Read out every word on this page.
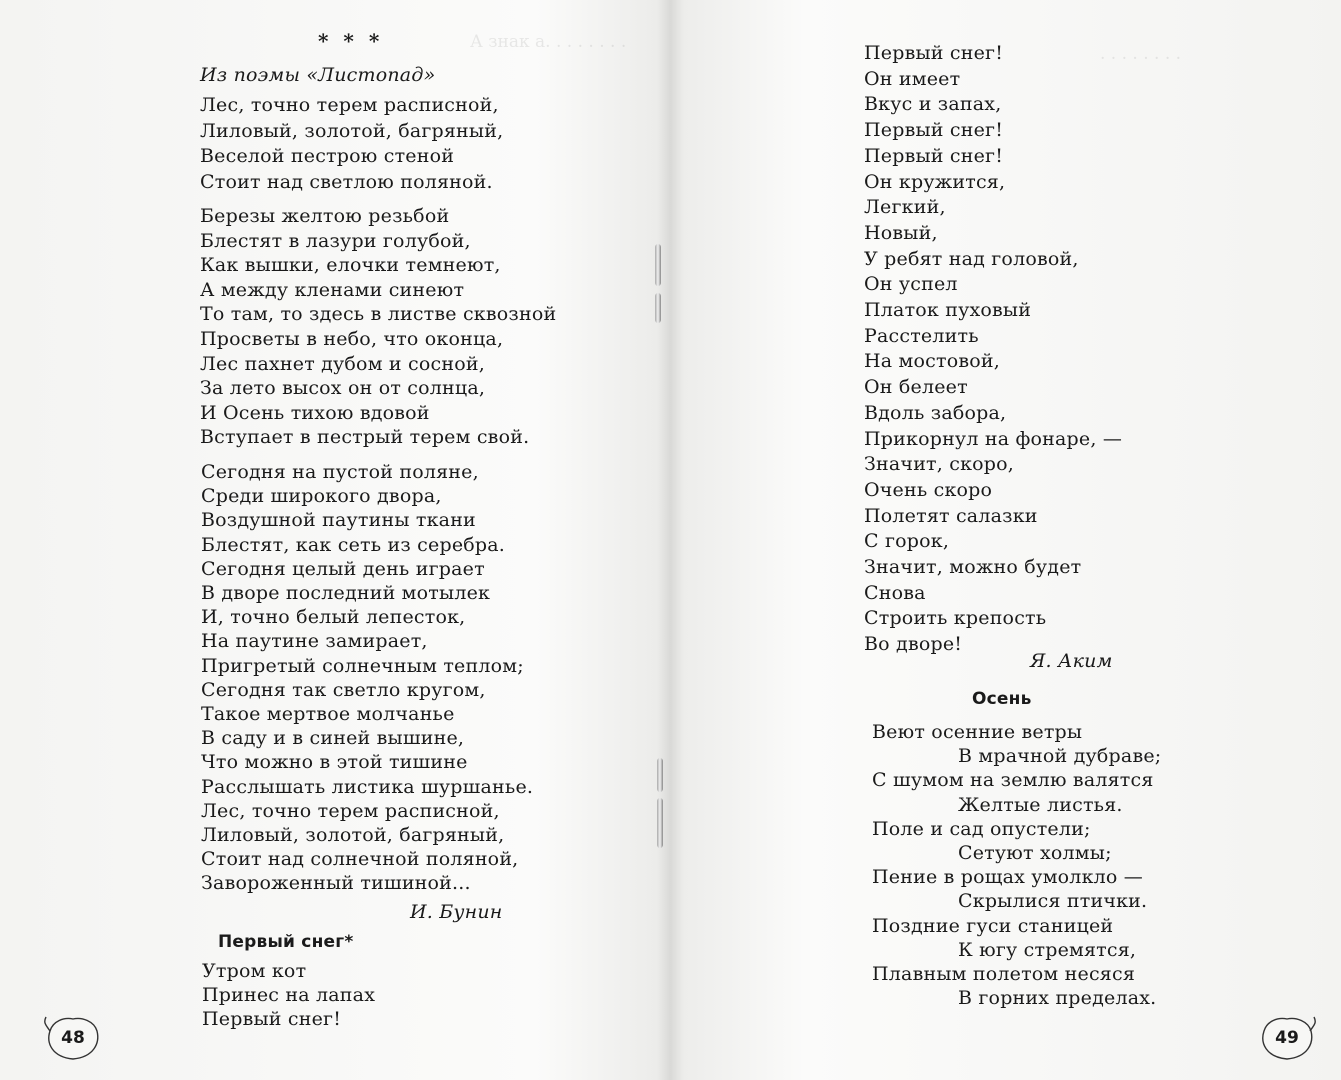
А знак а. . . . . . . .
. . . . . . . .
* * *
Из поэмы «Листопад»
Лес, точно терем расписной,
Лиловый, золотой, багряный,
Веселой пестрою стеной
Стоит над светлою поляной.
Березы желтою резьбой
Блестят в лазури голубой,
Как вышки, елочки темнеют,
А между кленами синеют
То там, то здесь в листве сквозной
Просветы в небо, что оконца,
Лес пахнет дубом и сосной,
За лето высох он от солнца,
И Осень тихою вдовой
Вступает в пестрый терем свой.
Сегодня на пустой поляне,
Среди широкого двора,
Воздушной паутины ткани
Блестят, как сеть из серебра.
Сегодня целый день играет
В дворе последний мотылек
И, точно белый лепесток,
На паутине замирает,
Пригретый солнечным теплом;
Сегодня так светло кругом,
Такое мертвое молчанье
В саду и в синей вышине,
Что можно в этой тишине
Расслышать листика шуршанье.
Лес, точно терем расписной,
Лиловый, золотой, багряный,
Стоит над солнечной поляной,
Завороженный тишиной...
И. Бунин
Первый снег*
Утром кот
Принес на лапах
Первый снег!
48
Первый снег!
Он имеет
Вкус и запах,
Первый снег!
Первый снег!
Он кружится,
Легкий,
Новый,
У ребят над головой,
Он успел
Платок пуховый
Расстелить
На мостовой,
Он белеет
Вдоль забора,
Прикорнул на фонаре, —
Значит, скоро,
Очень скоро
Полетят салазки
С горок,
Значит, можно будет
Снова
Строить крепость
Во дворе!
Я. Аким
Осень
Веют осенние ветры
В мрачной дубраве;
С шумом на землю валятся
Желтые листья.
Поле и сад опустели;
Сетуют холмы;
Пение в рощах умолкло —
Скрылися птички.
Поздние гуси станицей
К югу стремятся,
Плавным полетом несяся
В горних пределах.
49
